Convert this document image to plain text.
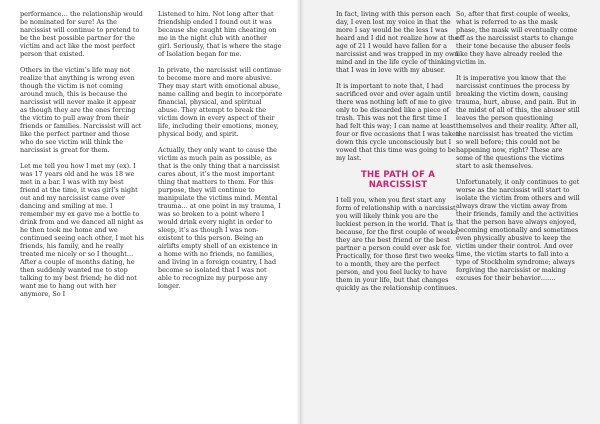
performance… the relationship would be nominated for sure! As the narcissist will continue to pretend to be the best possible partner for the victim and act like the most perfect person that existed.

Others in the victim’s life may not realize that anything is wrong even though the victim is not coming around much, this is because the narcissist will never make it appear as though they are the ones forcing the victim to pull away from their friends or families. Narcissist will act like the perfect partner and those who do see victim will think the narcissist is great for them.

Let me tell you how I met my (ex). I was 17 years old and he was 18 we met in a bar. I was with my best friend at the time, it was girl’s night out and my narcissist came over dancing and smiling at me. I remember my ex gave me a bottle to drink from and we danced all night as he then took me home and we continued seeing each other, I met his friends, his family, and he really treated me nicely or so I thought… After a couple of months dating, he then suddenly wanted me to stop talking to my best friend; he did not want me to hang out with her anymore, So I

Listened to him. Not long after that friendship ended I found out it was because she caught him cheating on me in the night club with another girl. Seriously, that is where the stage of Isolation began for me.

In private, the narcissist will continue to become more and more abusive. They may start with emotional abuse, name calling and begin to incorporate financial, physical, and spiritual abuse. They attempt to break the victim down in every aspect of their life, including their emotions, money, physical body, and spirit.

Actually, they only want to cause the victim as much pain as possible, as that is the only thing that a narcissist cares about, it’s the most important thing that matters to them. For this purpose, they will continue to manipulate the victims mind. Mental trauma… at one point in my trauma, I was so broken to a point where I would drink every night in order to sleep, it’s as though I was non-existent to this person. Being an airlifts empty shell of an existence in a home with no friends, no families, and living in a foreign country, I had become so isolated that I was not able to recognize my purpose any longer.

In fact, living with this person each day, I even lost my voice in that the more I say would be the less I was heard and I did not realize how at the age of 21 I would have fallen for a narcissist and was trapped in my own mind and in the life cycle of thinking that I was in love with my abuser.

It is important to note that, I had sacrificed over and over again until there was nothing left of me to give only to be discarded like a piece of trash. This was not the first time I had felt this way; I can name at least four or five occasions that I was taken down this cycle unconsciously but I vowed that this time was going to be my last.

THE PATH OF A NARCISSIST

I tell you, when you first start any form of relationship with a narcissist, you will likely think you are the luckiest person in the world. That is because, for the first couple of weeks, they are the best friend or the best partner a person could ever ask for. Practically, for those first two weeks to a month, they are the perfect person, and you feel lucky to have them in your life, but that changes quickly as the relationship continues.

So, after that first couple of weeks, what is referred to as the mask phase, the mask will eventually come off as the narcissist starts to change their tone because the abuser feels like they have already reeled the victim in.

It is imperative you know that the narcissist continues the process by breaking the victim down, causing trauma, hurt, abuse, and pain. But in the midst of all of this, the abuser still leaves the person questioning themselves and their reality. After all, the narcissist has treated the victim so well before; this could not be happening now, right? These are some of the questions the victims start to ask themselves.

Unfortunately, it only continues to get worse as the narcissist will start to isolate the victim from others and will always draw the victim away from their friends, family and the activities that the person have always enjoyed, becoming emotionally and sometimes even physically abusive to keep the victim under their control. And over time, the victim starts to fall into a type of Stockholm syndrome; always forgiving the narcissist or making excuses for their behavior…….
